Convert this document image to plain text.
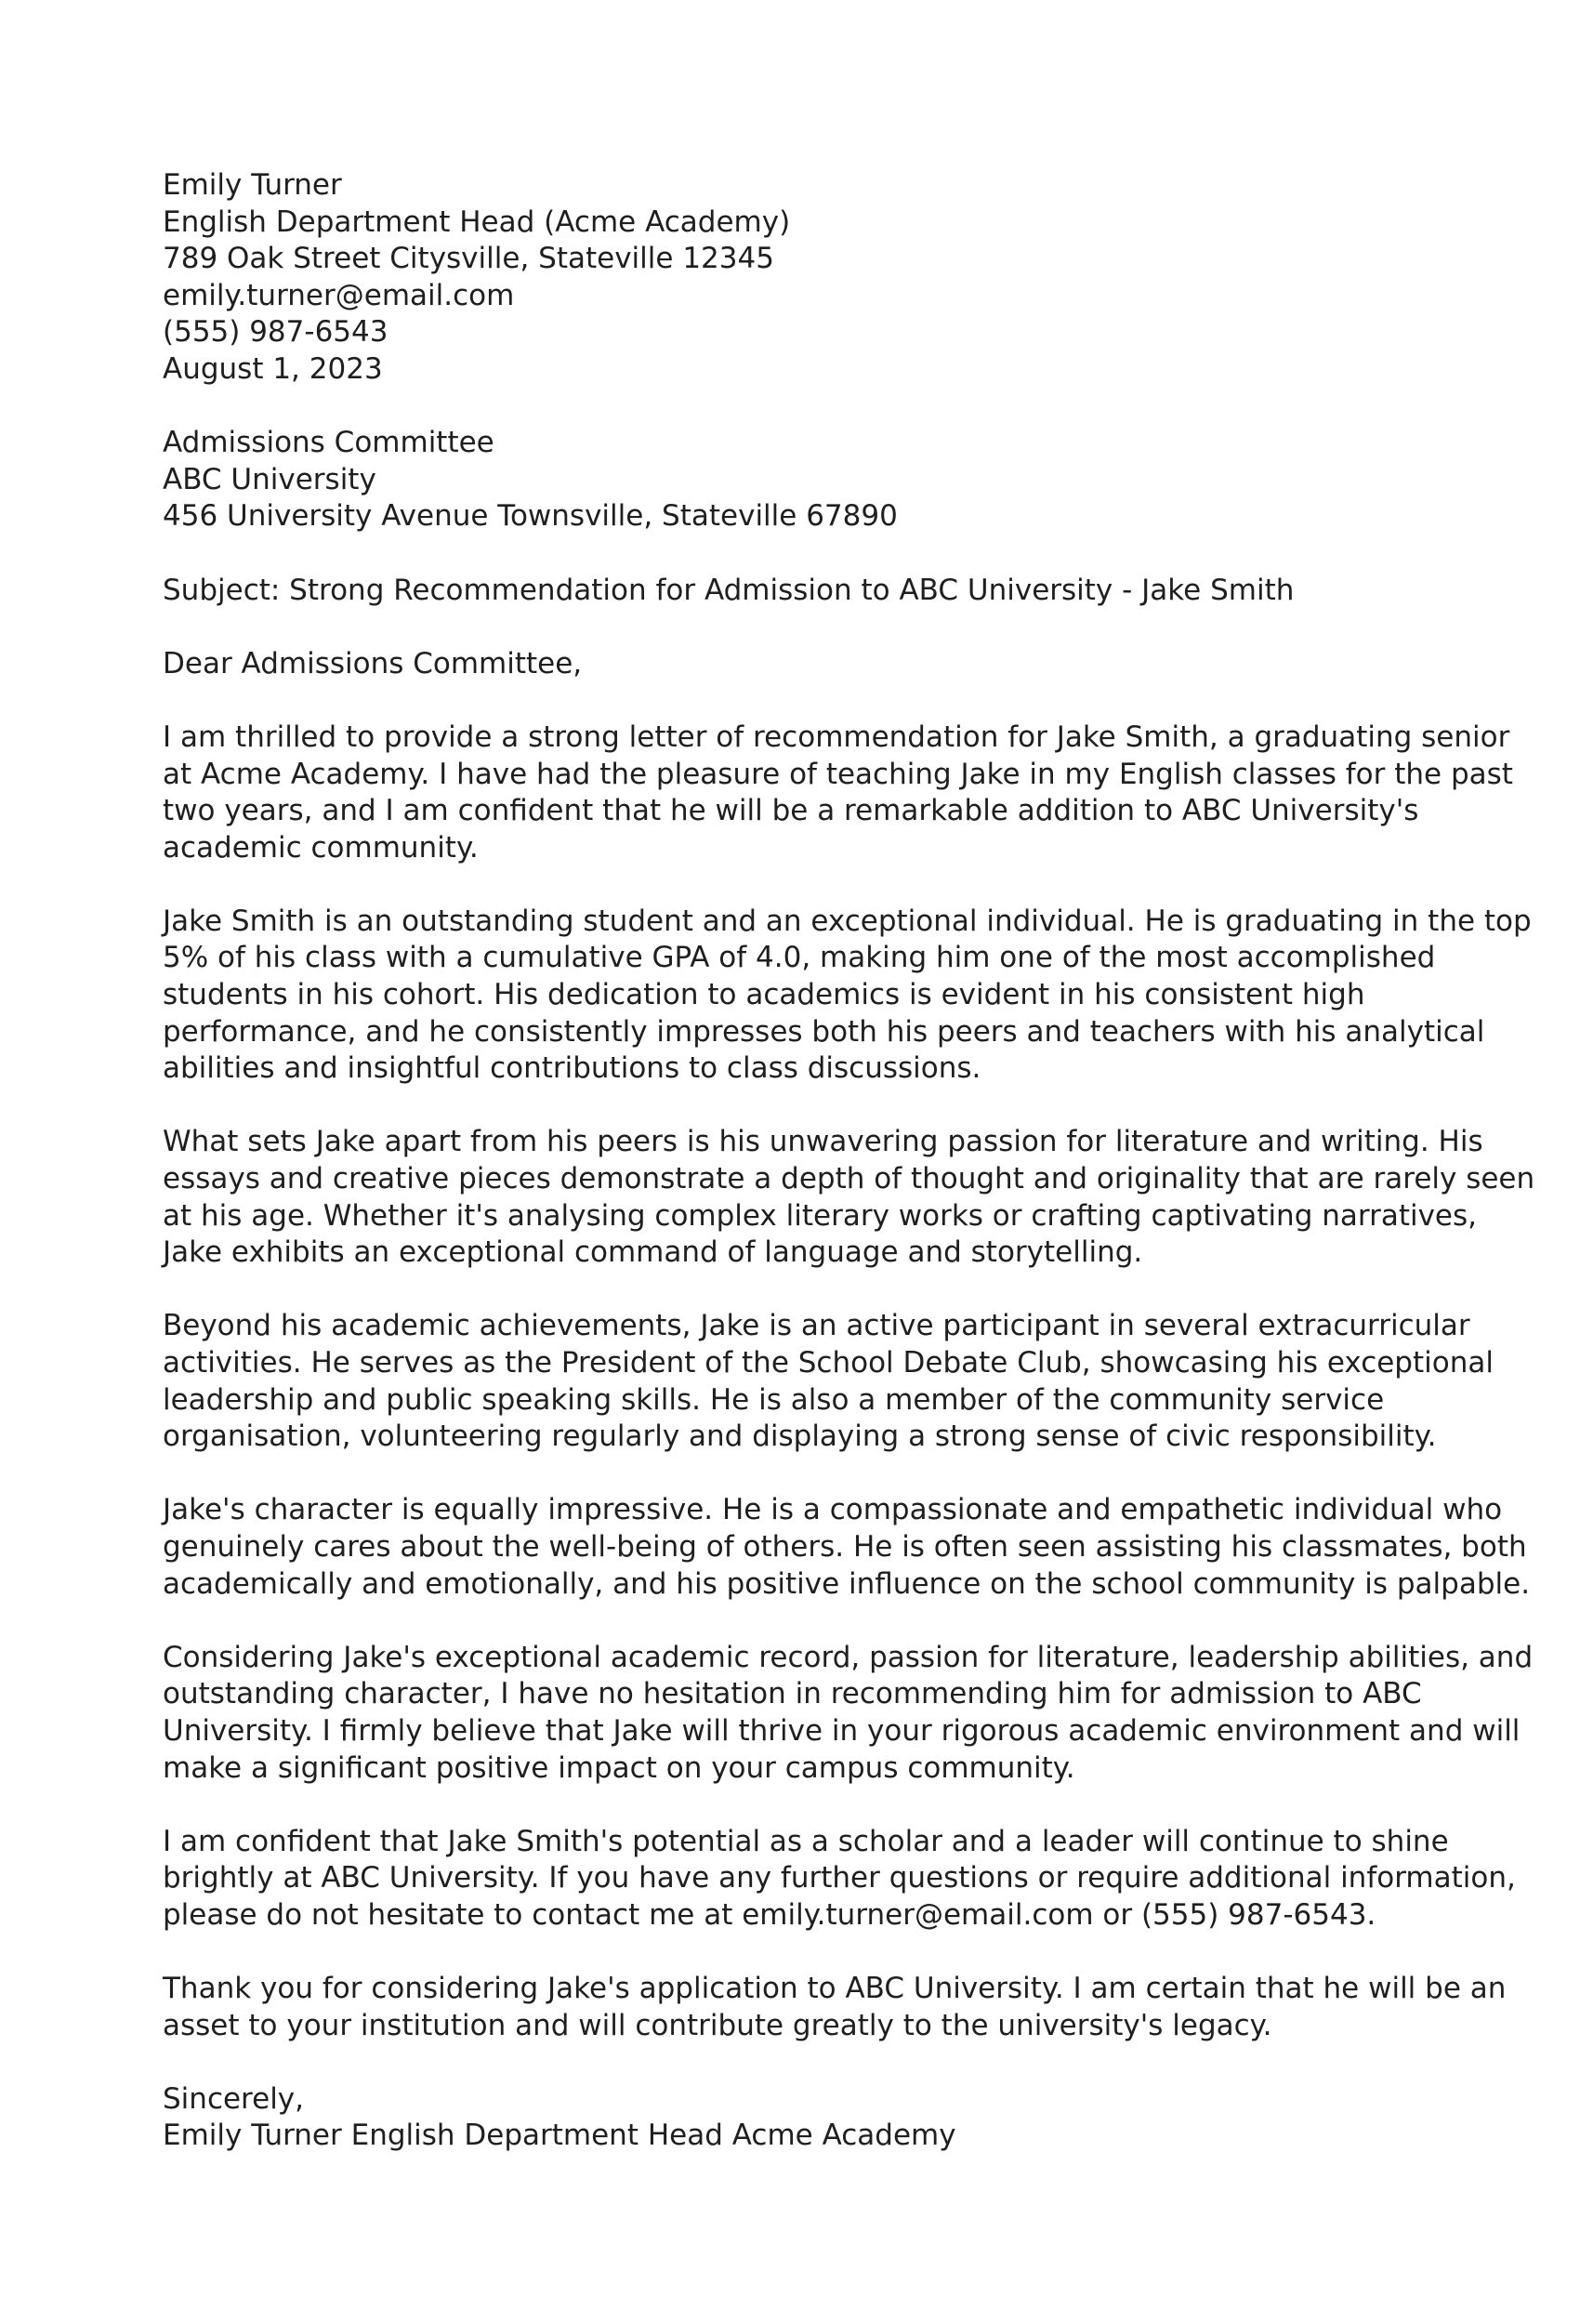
Emily Turner
English Department Head (Acme Academy)
789 Oak Street Citysville, Stateville 12345
emily.turner@email.com
(555) 987-6543
August 1, 2023
Admissions Committee
ABC University
456 University Avenue Townsville, Stateville 67890
Subject: Strong Recommendation for Admission to ABC University - Jake Smith
Dear Admissions Committee,
I am thrilled to provide a strong letter of recommendation for Jake Smith, a graduating senior
at Acme Academy. I have had the pleasure of teaching Jake in my English classes for the past
two years, and I am confident that he will be a remarkable addition to ABC University's
academic community.
Jake Smith is an outstanding student and an exceptional individual. He is graduating in the top
5% of his class with a cumulative GPA of 4.0, making him one of the most accomplished
students in his cohort. His dedication to academics is evident in his consistent high
performance, and he consistently impresses both his peers and teachers with his analytical
abilities and insightful contributions to class discussions.
What sets Jake apart from his peers is his unwavering passion for literature and writing. His
essays and creative pieces demonstrate a depth of thought and originality that are rarely seen
at his age. Whether it's analysing complex literary works or crafting captivating narratives,
Jake exhibits an exceptional command of language and storytelling.
Beyond his academic achievements, Jake is an active participant in several extracurricular
activities. He serves as the President of the School Debate Club, showcasing his exceptional
leadership and public speaking skills. He is also a member of the community service
organisation, volunteering regularly and displaying a strong sense of civic responsibility.
Jake's character is equally impressive. He is a compassionate and empathetic individual who
genuinely cares about the well-being of others. He is often seen assisting his classmates, both
academically and emotionally, and his positive influence on the school community is palpable.
Considering Jake's exceptional academic record, passion for literature, leadership abilities, and
outstanding character, I have no hesitation in recommending him for admission to ABC
University. I firmly believe that Jake will thrive in your rigorous academic environment and will
make a significant positive impact on your campus community.
I am confident that Jake Smith's potential as a scholar and a leader will continue to shine
brightly at ABC University. If you have any further questions or require additional information,
please do not hesitate to contact me at emily.turner@email.com or (555) 987-6543.
Thank you for considering Jake's application to ABC University. I am certain that he will be an
asset to your institution and will contribute greatly to the university's legacy.
Sincerely,
Emily Turner English Department Head Acme Academy
